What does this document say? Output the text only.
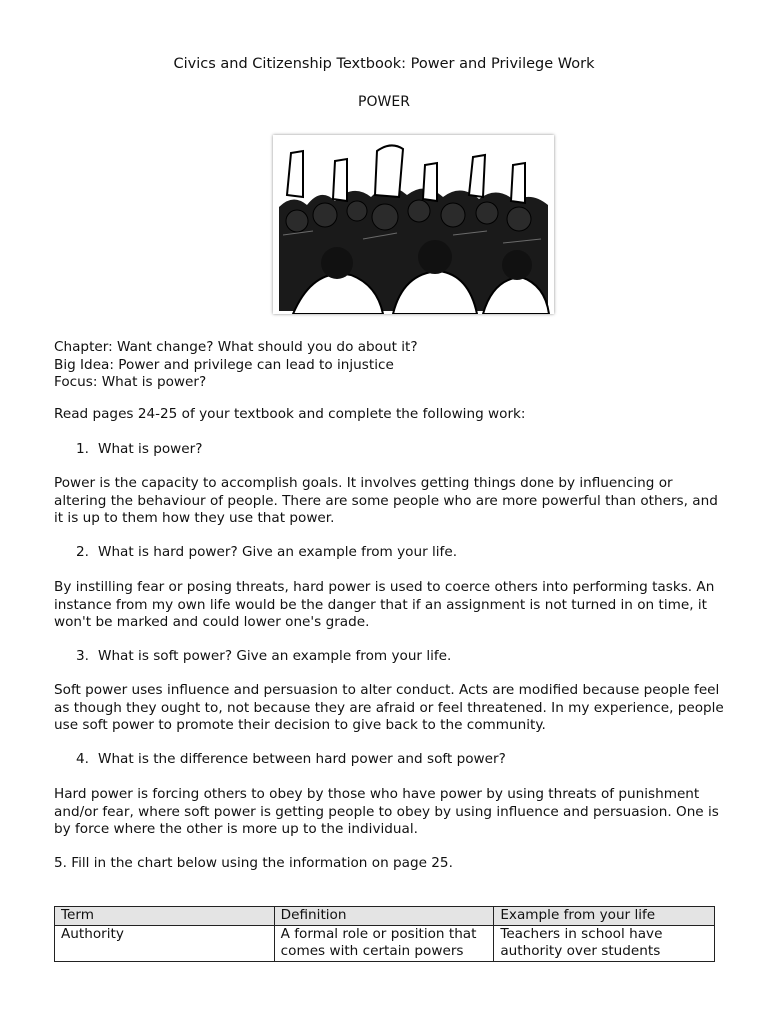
Civics and Citizenship Textbook: Power and Privilege Work
POWER

Chapter: Want change? What should you do about it?

Big Idea: Power and privilege can lead to injustice

Focus: What is power?

Read pages 24-25 of your textbook and complete the following work:
1. What is power?
Power is the capacity to accomplish goals. It involves getting things done by influencing or altering the behaviour of people. There are some people who are more powerful than others, and it is up to them how they use that power.
2. What is hard power? Give an example from your life.
By instilling fear or posing threats, hard power is used to coerce others into performing tasks. An instance from my own life would be the danger that if an assignment is not turned in on time, it won't be marked and could lower one's grade.
3. What is soft power? Give an example from your life.
Soft power uses influence and persuasion to alter conduct. Acts are modified because people feel as though they ought to, not because they are afraid or feel threatened. In my experience, people use soft power to promote their decision to give back to the community.
4. What is the difference between hard power and soft power?
Hard power is forcing others to obey by those who have power by using threats of punishment and/or fear, where soft power is getting people to obey by using influence and persuasion. One is by force where the other is more up to the individual.
5. Fill in the chart below using the information on page 25.
Term	Definition	Example from your life
Authority	A formal role or position that comes with certain powers	Teachers in school have authority over students
